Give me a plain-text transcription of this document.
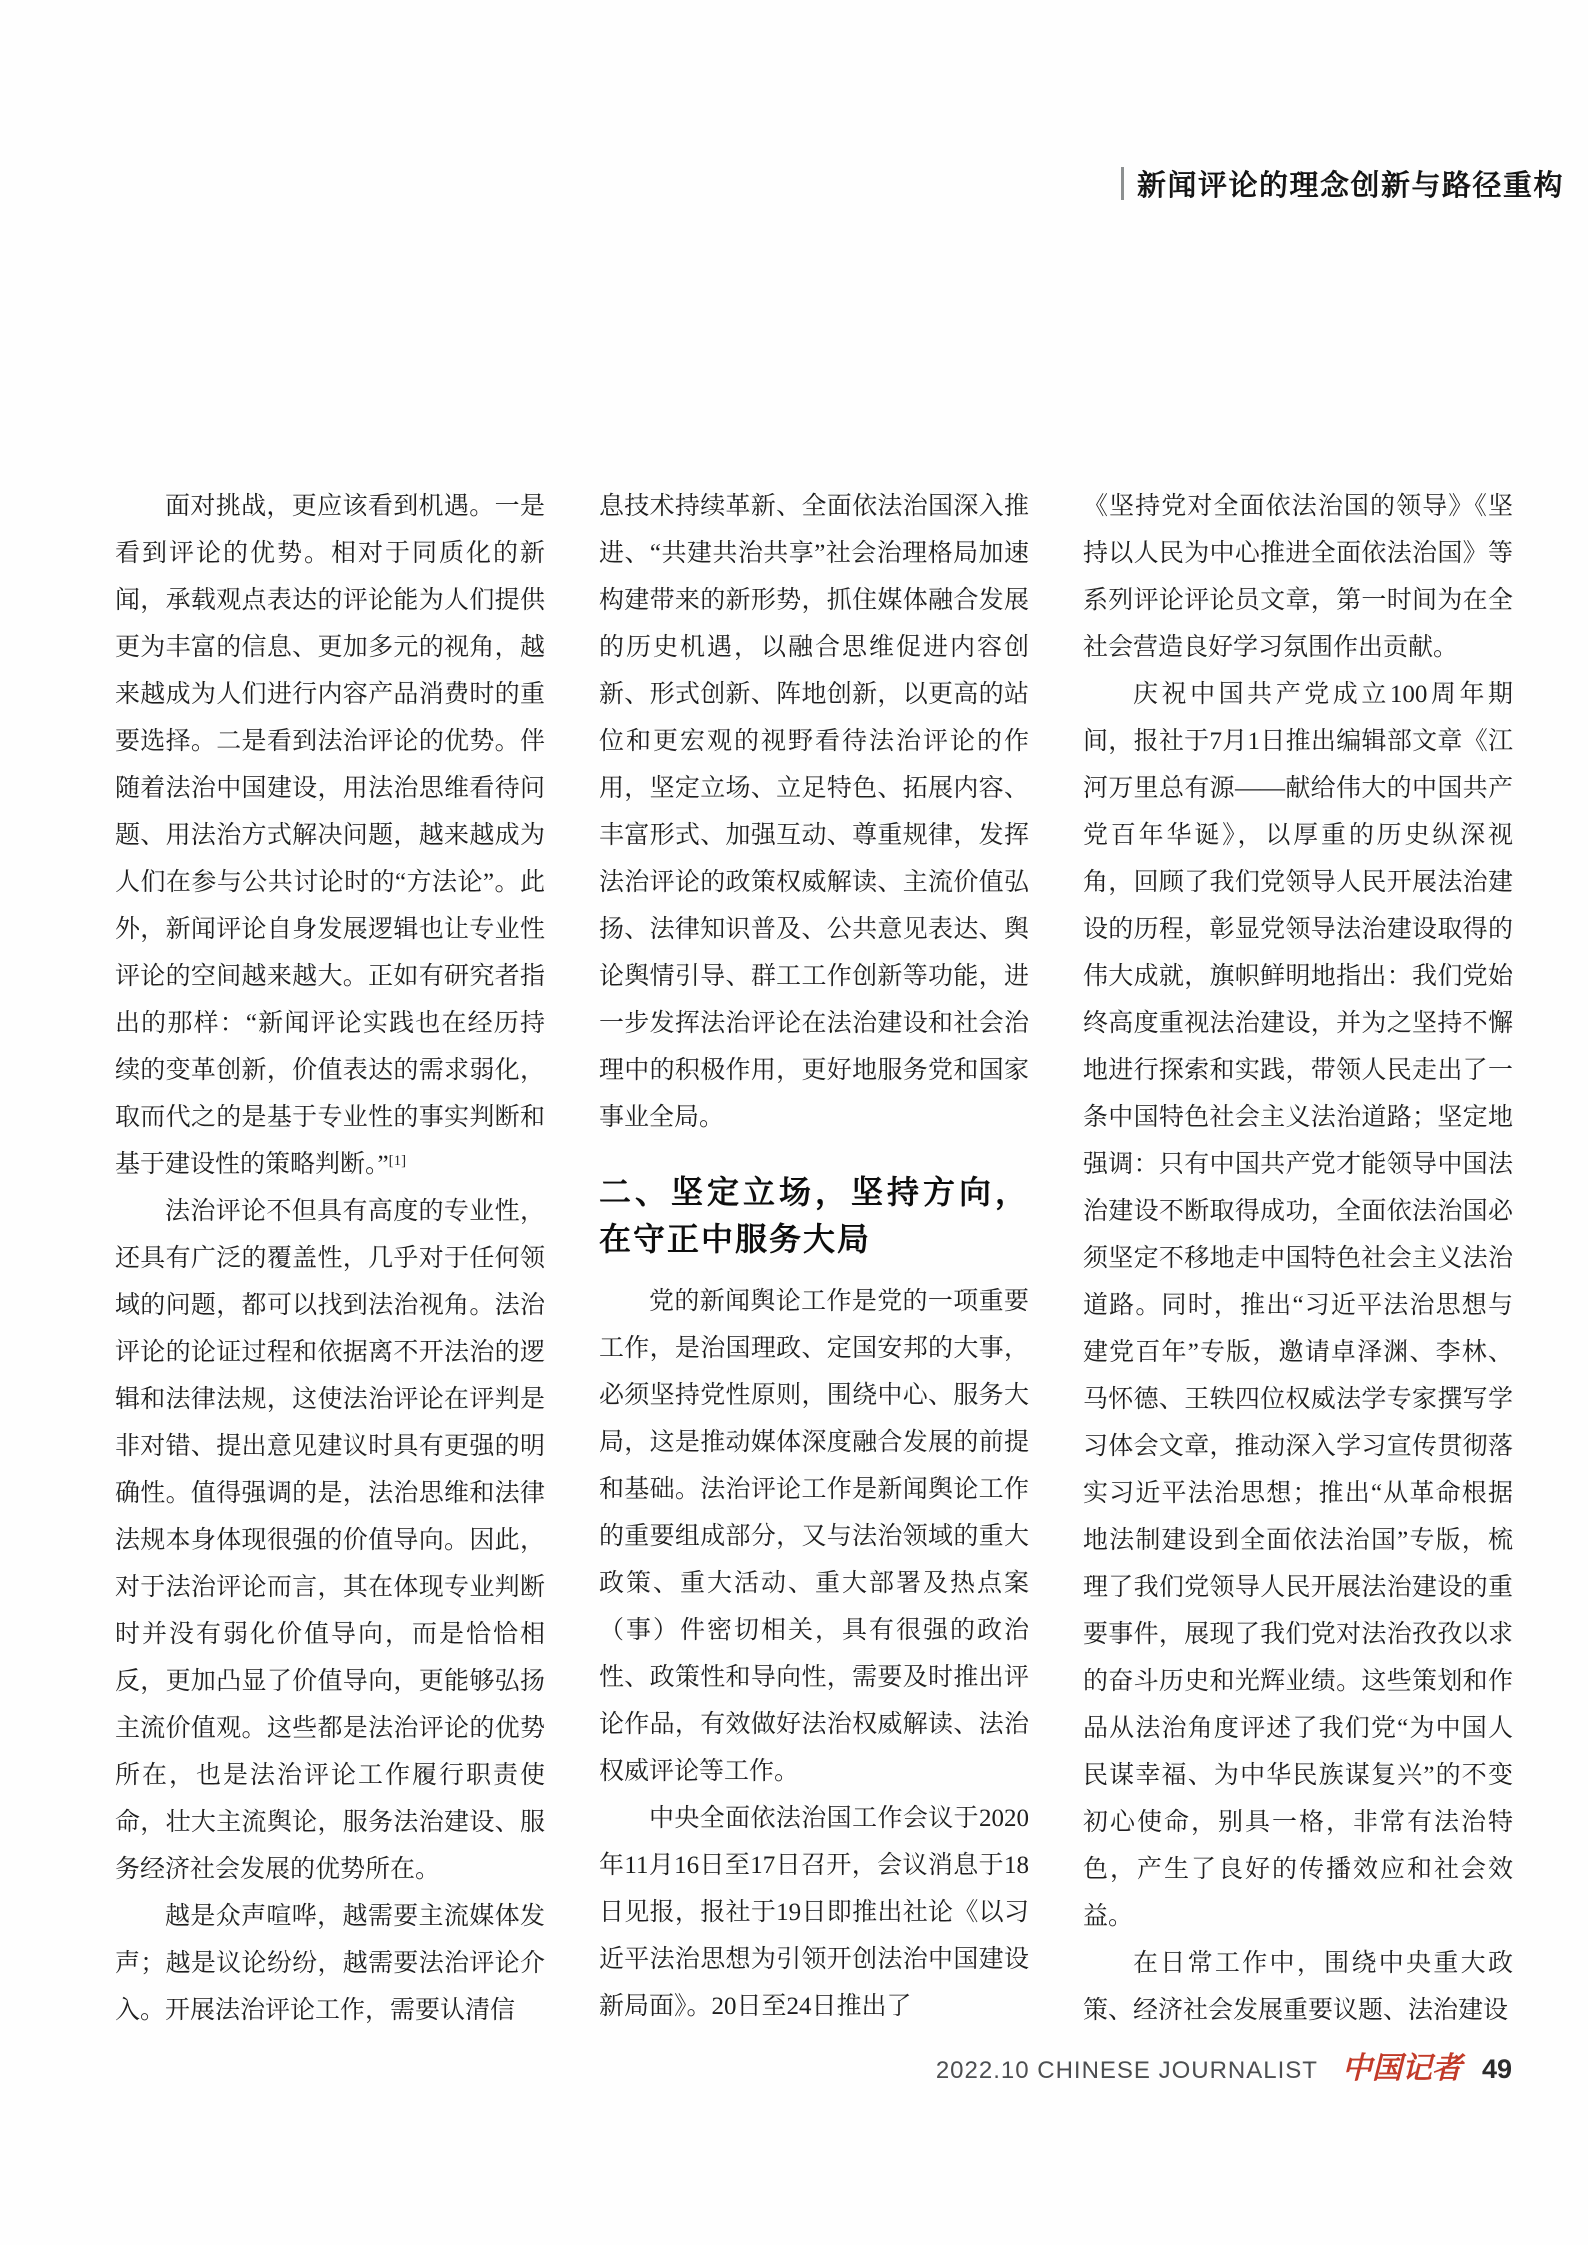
新闻评论的理念创新与路径重构

面对挑战，更应该看到机遇。一是看到评论的优势。相对于同质化的新闻，承载观点表达的评论能为人们提供更为丰富的信息、更加多元的视角，越来越成为人们进行内容产品消费时的重要选择。二是看到法治评论的优势。伴随着法治中国建设，用法治思维看待问题、用法治方式解决问题，越来越成为人们在参与公共讨论时的“方法论”。此外，新闻评论自身发展逻辑也让专业性评论的空间越来越大。正如有研究者指出的那样：“新闻评论实践也在经历持续的变革创新，价值表达的需求弱化，取而代之的是基于专业性的事实判断和基于建设性的策略判断。”[1]

法治评论不但具有高度的专业性，还具有广泛的覆盖性，几乎对于任何领域的问题，都可以找到法治视角。法治评论的论证过程和依据离不开法治的逻辑和法律法规，这使法治评论在评判是非对错、提出意见建议时具有更强的明确性。值得强调的是，法治思维和法律法规本身体现很强的价值导向。因此，对于法治评论而言，其在体现专业判断时并没有弱化价值导向，而是恰恰相反，更加凸显了价值导向，更能够弘扬主流价值观。这些都是法治评论的优势所在，也是法治评论工作履行职责使命，壮大主流舆论，服务法治建设、服务经济社会发展的优势所在。

越是众声喧哗，越需要主流媒体发声；越是议论纷纷，越需要法治评论介入。开展法治评论工作，需要认清信

息技术持续革新、全面依法治国深入推进、“共建共治共享”社会治理格局加速构建带来的新形势，抓住媒体融合发展的历史机遇，以融合思维促进内容创新、形式创新、阵地创新，以更高的站位和更宏观的视野看待法治评论的作用，坚定立场、立足特色、拓展内容、丰富形式、加强互动、尊重规律，发挥法治评论的政策权威解读、主流价值弘扬、法律知识普及、公共意见表达、舆论舆情引导、群工工作创新等功能，进一步发挥法治评论在法治建设和社会治理中的积极作用，更好地服务党和国家事业全局。

二、坚定立场，坚持方向，在守正中服务大局

党的新闻舆论工作是党的一项重要工作，是治国理政、定国安邦的大事，必须坚持党性原则，围绕中心、服务大局，这是推动媒体深度融合发展的前提和基础。法治评论工作是新闻舆论工作的重要组成部分，又与法治领域的重大政策、重大活动、重大部署及热点案（事）件密切相关，具有很强的政治性、政策性和导向性，需要及时推出评论作品，有效做好法治权威解读、法治权威评论等工作。

中央全面依法治国工作会议于2020年11月16日至17日召开，会议消息于18日见报，报社于19日即推出社论《以习近平法治思想为引领开创法治中国建设新局面》。20日至24日推出了

《坚持党对全面依法治国的领导》《坚持以人民为中心推进全面依法治国》等系列评论评论员文章，第一时间为在全社会营造良好学习氛围作出贡献。

庆祝中国共产党成立100周年期间，报社于7月1日推出编辑部文章《江河万里总有源——献给伟大的中国共产党百年华诞》，以厚重的历史纵深视角，回顾了我们党领导人民开展法治建设的历程，彰显党领导法治建设取得的伟大成就，旗帜鲜明地指出：我们党始终高度重视法治建设，并为之坚持不懈地进行探索和实践，带领人民走出了一条中国特色社会主义法治道路；坚定地强调：只有中国共产党才能领导中国法治建设不断取得成功，全面依法治国必须坚定不移地走中国特色社会主义法治道路。同时，推出“习近平法治思想与建党百年”专版，邀请卓泽渊、李林、马怀德、王轶四位权威法学专家撰写学习体会文章，推动深入学习宣传贯彻落实习近平法治思想；推出“从革命根据地法制建设到全面依法治国”专版，梳理了我们党领导人民开展法治建设的重要事件，展现了我们党对法治孜孜以求的奋斗历史和光辉业绩。这些策划和作品从法治角度评述了我们党“为中国人民谋幸福、为中华民族谋复兴”的不变初心使命，别具一格，非常有法治特色，产生了良好的传播效应和社会效益。

在日常工作中，围绕中央重大政策、经济社会发展重要议题、法治建设

2022.10 CHINESE JOURNALIST 中国记者 49
